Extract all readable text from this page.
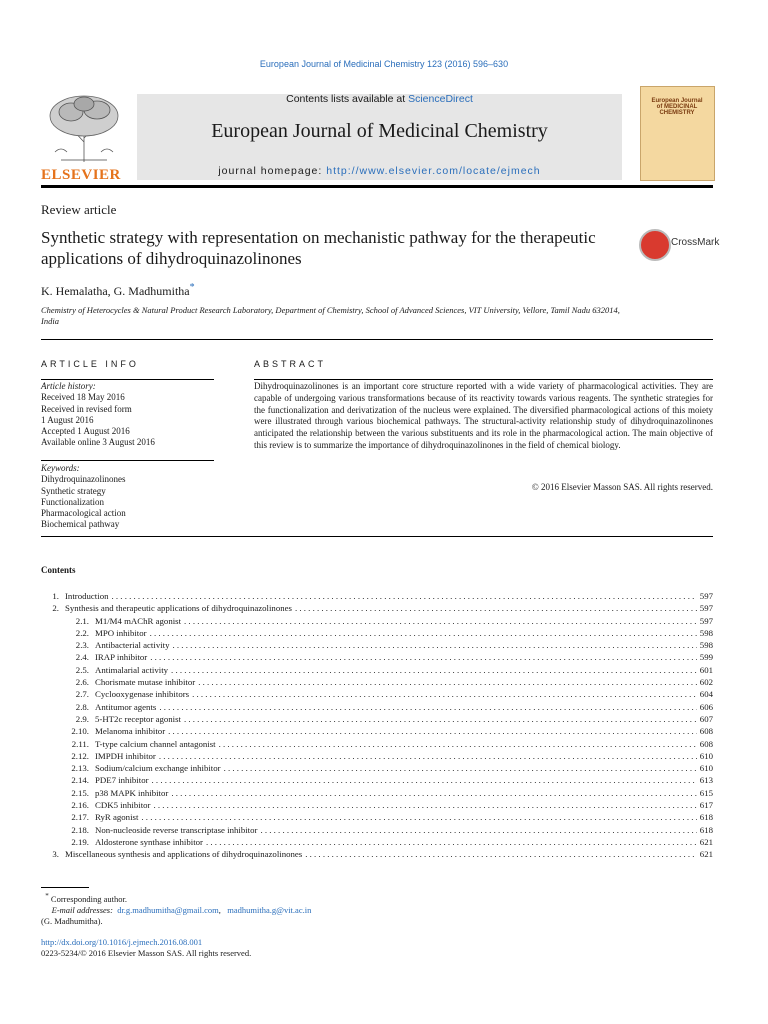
European Journal of Medicinal Chemistry 123 (2016) 596–630
ELSEVIER
Contents lists available at ScienceDirect
European Journal of Medicinal Chemistry
journal homepage: http://www.elsevier.com/locate/ejmech
European Journal of MEDICINAL CHEMISTRY
Review article
Synthetic strategy with representation on mechanistic pathway for the therapeutic applications of dihydroquinazolinones
CrossMark
K. Hemalatha, G. Madhumitha*
Chemistry of Heterocycles & Natural Product Research Laboratory, Department of Chemistry, School of Advanced Sciences, VIT University, Vellore, Tamil Nadu 632014, India
ARTICLE INFO
Article history:
Received 18 May 2016
Received in revised form
1 August 2016
Accepted 1 August 2016
Available online 3 August 2016
Keywords:
Dihydroquinazolinones
Synthetic strategy
Functionalization
Pharmacological action
Biochemical pathway
ABSTRACT
Dihydroquinazolinones is an important core structure reported with a wide variety of pharmacological activities. They are capable of undergoing various transformations because of its reactivity towards various reagents. The synthetic strategies for the functionalization and derivatization of the nucleus were explained. The diversified pharmacological actions of this moiety were illustrated through various biochemical pathways. The structural-activity relationship study of dihydroquinazolinones anticipated the relationship between the various substituents and its role in the pharmacological action. The main objective of this review is to summarize the importance of dihydroquinazolinones in the field of chemical biology.
© 2016 Elsevier Masson SAS. All rights reserved.
Contents
1. Introduction . . .	597
2. Synthesis and therapeutic applications of dihydroquinazolinones . . .	597
2.1. M1/M4 mAChR agonist . . .	597
2.2. MPO inhibitor . . .	598
2.3. Antibacterial activity . . .	598
2.4. IRAP inhibitor . . .	599
2.5. Antimalarial activity . . .	601
2.6. Chorismate mutase inhibitor . . .	602
2.7. Cyclooxygenase inhibitors . . .	604
2.8. Antitumor agents . . .	606
2.9. 5-HT2c receptor agonist . . .	607
2.10. Melanoma inhibitor . . .	608
2.11. T-type calcium channel antagonist . . .	608
2.12. IMPDH inhibitor . . .	610
2.13. Sodium/calcium exchange inhibitor . . .	610
2.14. PDE7 inhibitor . . .	613
2.15. p38 MAPK inhibitor . . .	615
2.16. CDK5 inhibitor . . .	617
2.17. RyR agonist . . .	618
2.18. Non-nucleoside reverse transcriptase inhibitor . . .	618
2.19. Aldosterone synthase inhibitor . . .	621
3. Miscellaneous synthesis and applications of dihydroquinazolinones . . .	621
* Corresponding author.
E-mail addresses: dr.g.madhumitha@gmail.com,   madhumitha.g@vit.ac.in
(G. Madhumitha).
http://dx.doi.org/10.1016/j.ejmech.2016.08.001
0223-5234/© 2016 Elsevier Masson SAS. All rights reserved.
